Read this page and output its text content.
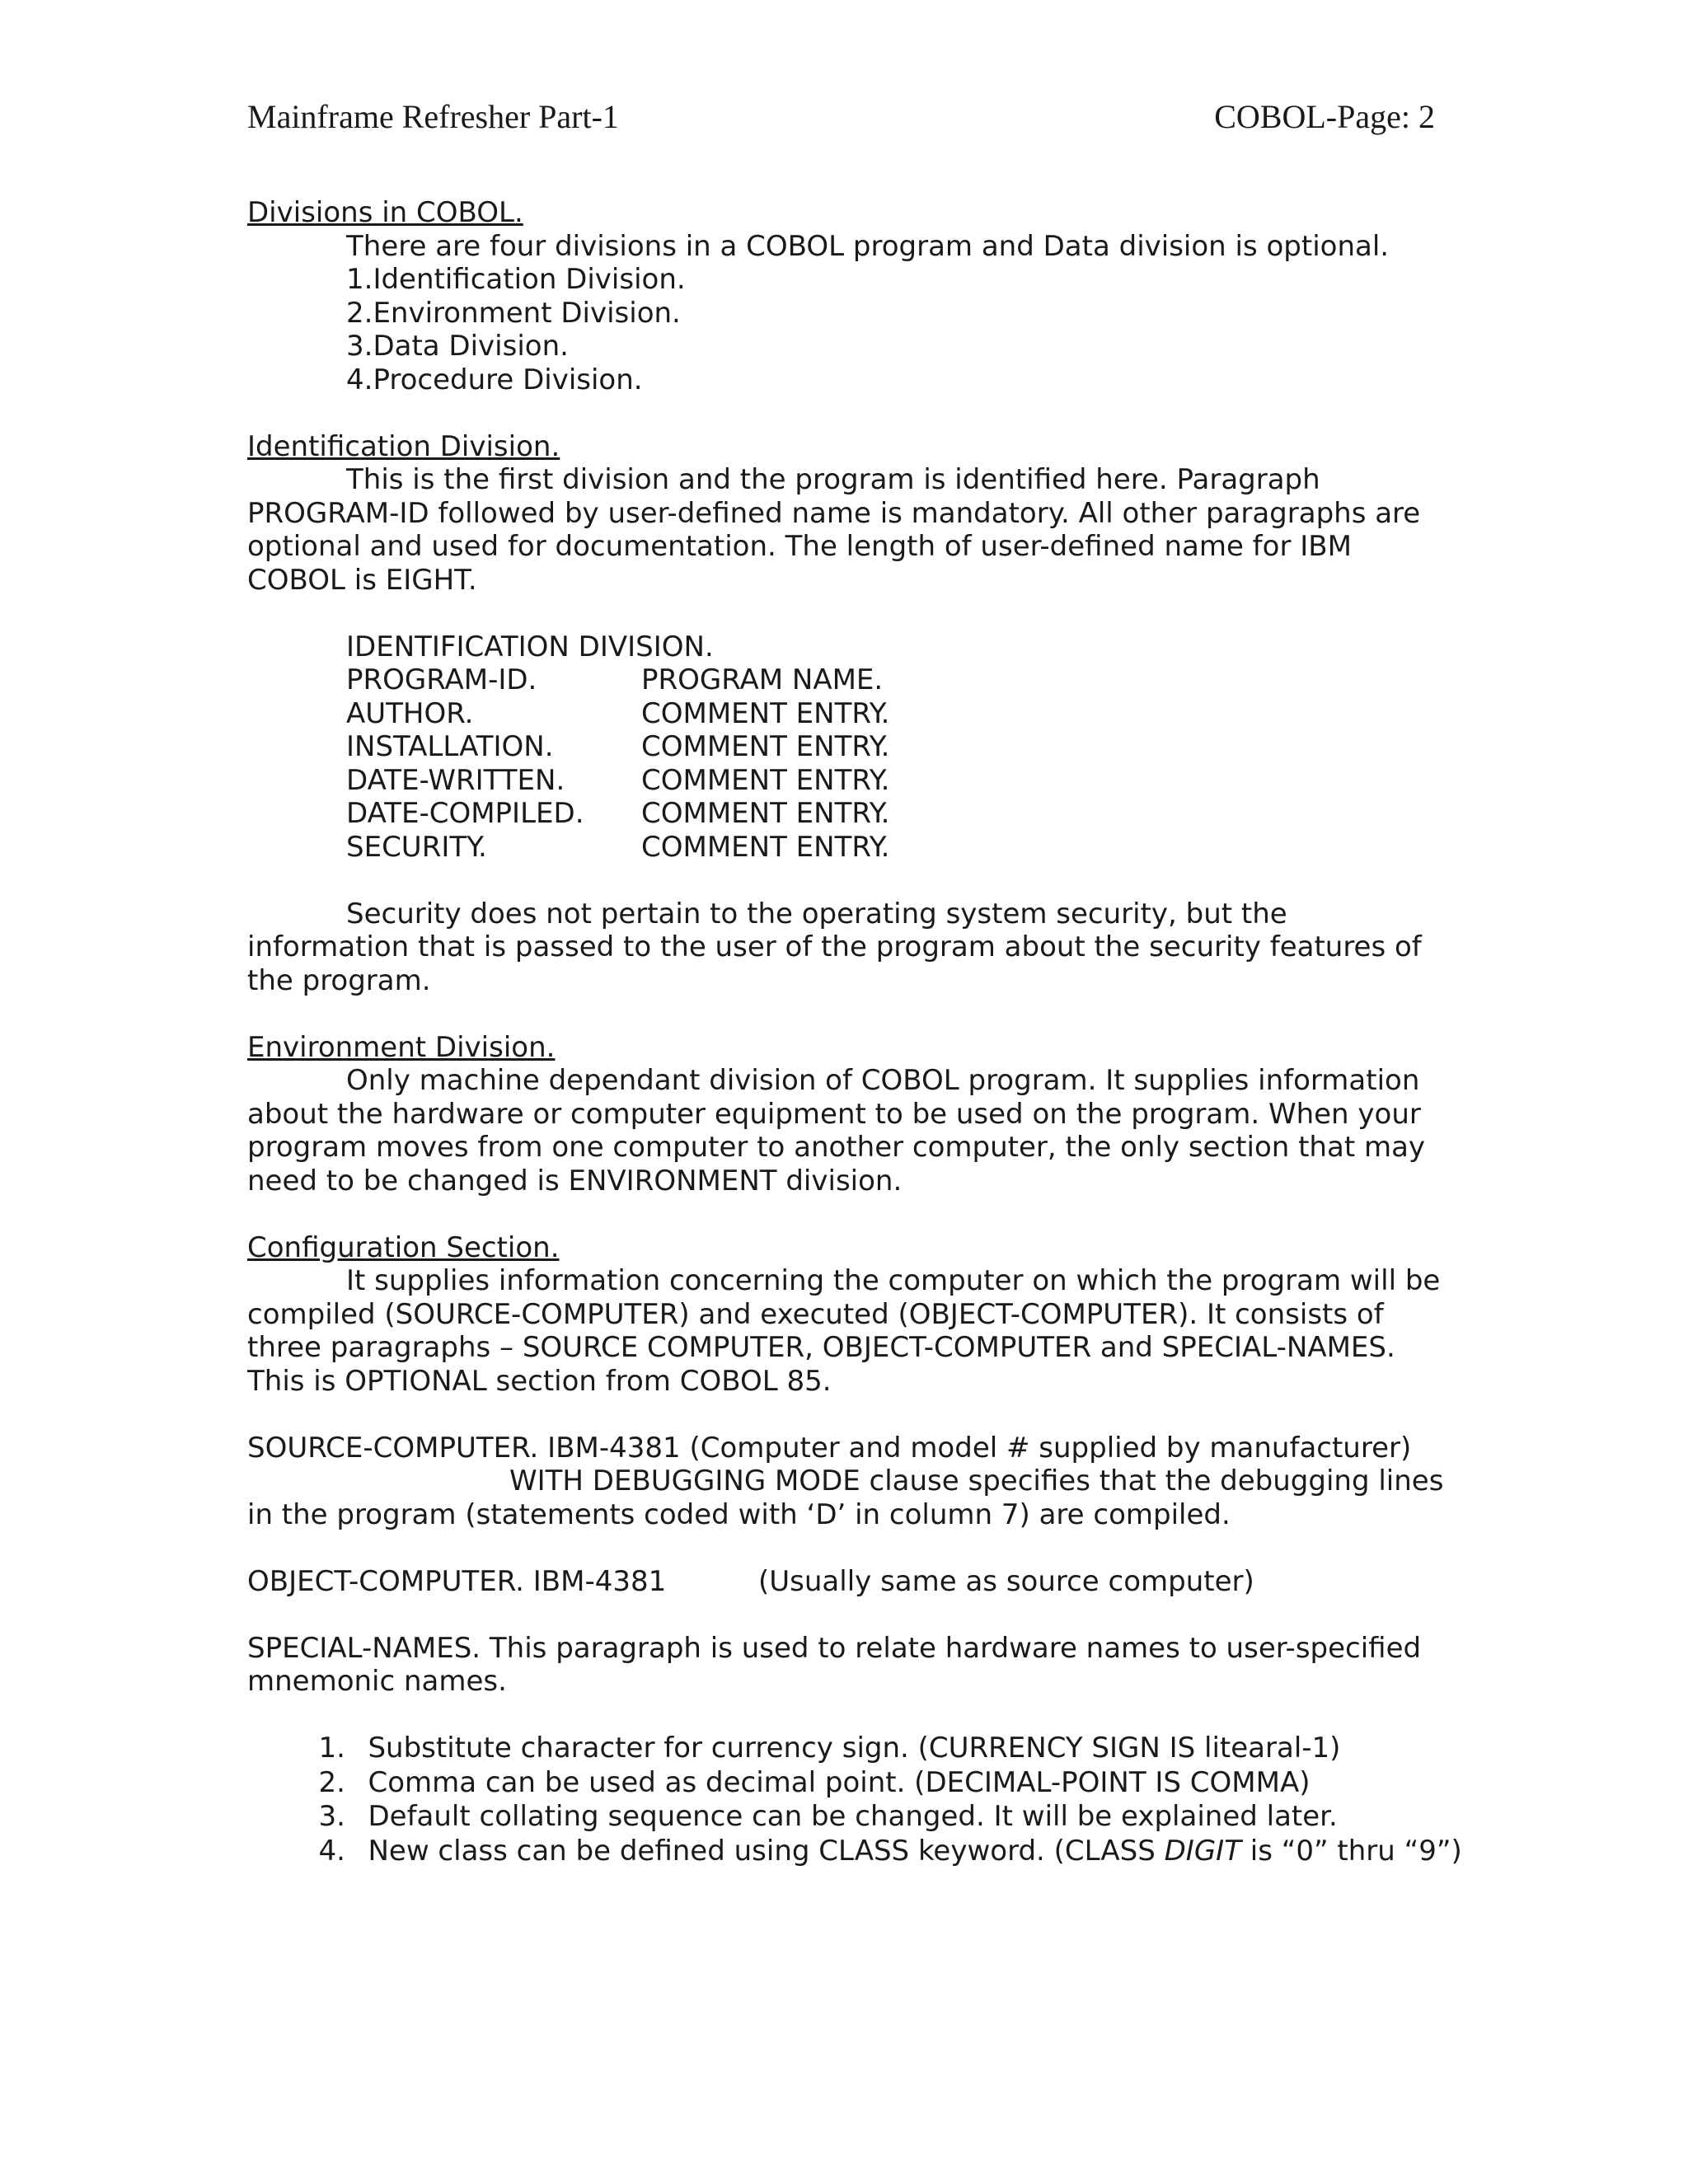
Mainframe Refresher Part-1	COBOL-Page: 2
Divisions in COBOL.
There are four divisions in a COBOL program and Data division is optional.
1.Identification Division.
2.Environment Division.
3.Data Division.
4.Procedure Division.
Identification Division.
This is the first division and the program is identified here. Paragraph
PROGRAM-ID followed by user-defined name is mandatory. All other paragraphs are
optional and used for documentation. The length of user-defined name for IBM
COBOL is EIGHT.
IDENTIFICATION DIVISION.
PROGRAM-ID.	PROGRAM NAME.
AUTHOR.	COMMENT ENTRY.
INSTALLATION.	COMMENT ENTRY.
DATE-WRITTEN.	COMMENT ENTRY.
DATE-COMPILED.	COMMENT ENTRY.
SECURITY.	COMMENT ENTRY.
Security does not pertain to the operating system security, but the
information that is passed to the user of the program about the security features of
the program.
Environment Division.
Only machine dependant division of COBOL program. It supplies information
about the hardware or computer equipment to be used on the program. When your
program moves from one computer to another computer, the only section that may
need to be changed is ENVIRONMENT division.
Configuration Section.
It supplies information concerning the computer on which the program will be
compiled (SOURCE-COMPUTER) and executed (OBJECT-COMPUTER). It consists of
three paragraphs – SOURCE COMPUTER, OBJECT-COMPUTER and SPECIAL-NAMES.
This is OPTIONAL section from COBOL 85.
SOURCE-COMPUTER. IBM-4381 (Computer and model # supplied by manufacturer)
WITH DEBUGGING MODE clause specifies that the debugging lines
in the program (statements coded with ‘D’ in column 7) are compiled.
OBJECT-COMPUTER. IBM-4381	(Usually same as source computer)
SPECIAL-NAMES. This paragraph is used to relate hardware names to user-specified
mnemonic names.

1. Substitute character for currency sign. (CURRENCY SIGN IS litearal-1)

2. Comma can be used as decimal point. (DECIMAL-POINT IS COMMA)

3. Default collating sequence can be changed. It will be explained later.

4. New class can be defined using CLASS keyword. (CLASS DIGIT is “0” thru “9”)
